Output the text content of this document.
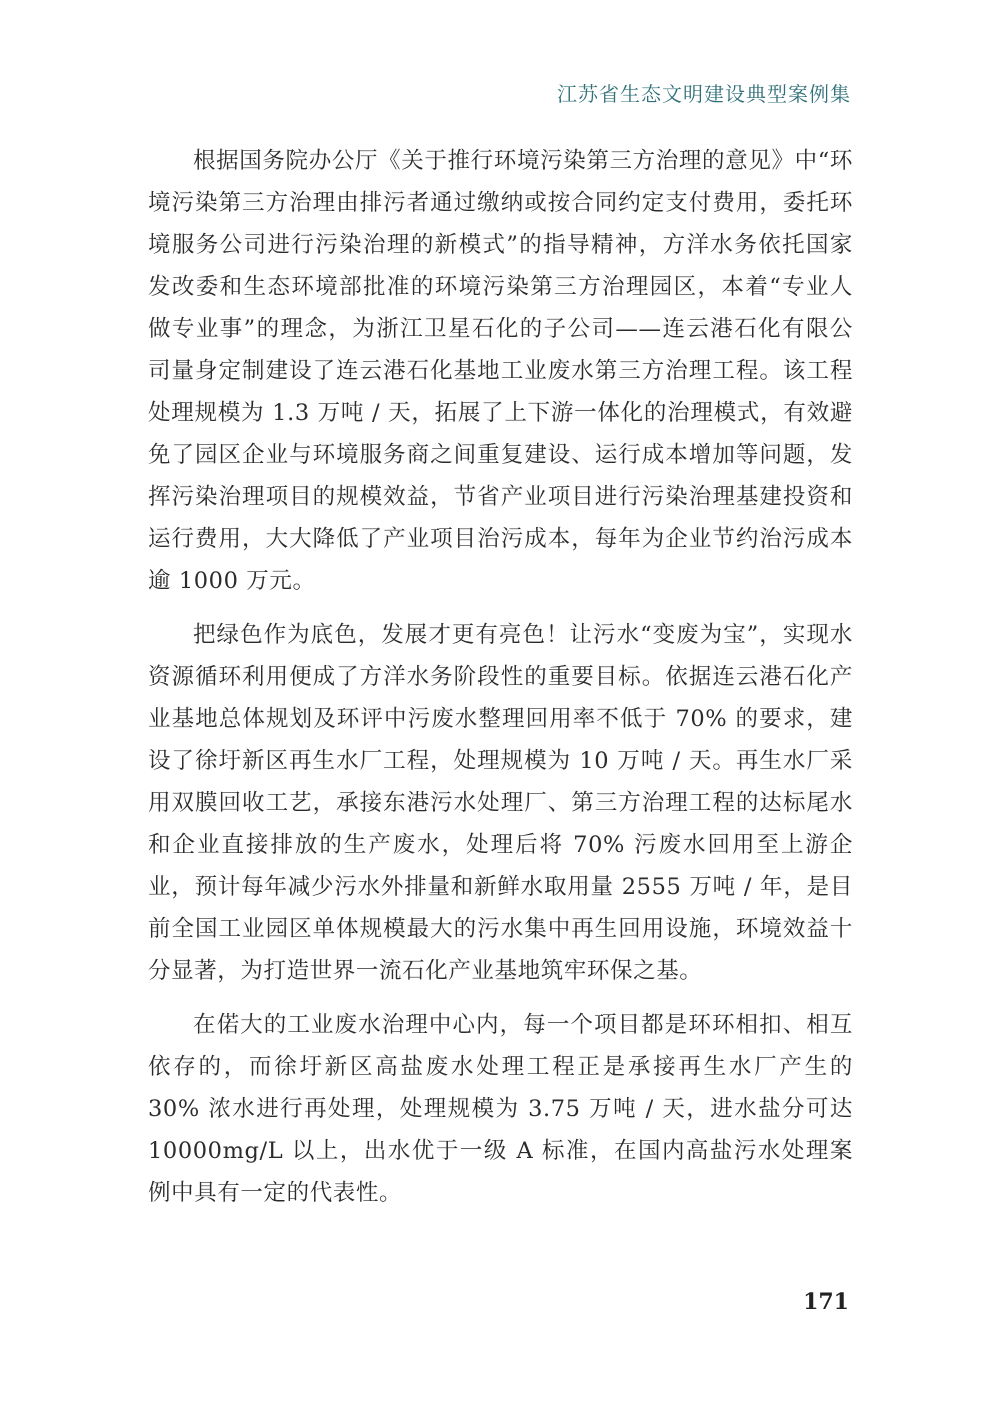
江苏省生态文明建设典型案例集

根据国务院办公厅《关于推行环境污染第三方治理的意见》中“环境污染第三方治理由排污者通过缴纳或按合同约定支付费用，委托环境服务公司进行污染治理的新模式”的指导精神，方洋水务依托国家发改委和生态环境部批准的环境污染第三方治理园区，本着“专业人做专业事”的理念，为浙江卫星石化的子公司——连云港石化有限公司量身定制建设了连云港石化基地工业废水第三方治理工程。该工程处理规模为 1.3 万吨 / 天，拓展了上下游一体化的治理模式，有效避免了园区企业与环境服务商之间重复建设、运行成本增加等问题，发挥污染治理项目的规模效益，节省产业项目进行污染治理基建投资和运行费用，大大降低了产业项目治污成本，每年为企业节约治污成本逾 1000 万元。

把绿色作为底色，发展才更有亮色！让污水“变废为宝”，实现水资源循环利用便成了方洋水务阶段性的重要目标。依据连云港石化产业基地总体规划及环评中污废水整理回用率不低于 70% 的要求，建设了徐圩新区再生水厂工程，处理规模为 10 万吨 / 天。再生水厂采用双膜回收工艺，承接东港污水处理厂、第三方治理工程的达标尾水和企业直接排放的生产废水，处理后将 70% 污废水回用至上游企业，预计每年减少污水外排量和新鲜水取用量 2555 万吨 / 年，是目前全国工业园区单体规模最大的污水集中再生回用设施，环境效益十分显著，为打造世界一流石化产业基地筑牢环保之基。

在偌大的工业废水治理中心内，每一个项目都是环环相扣、相互依存的，而徐圩新区高盐废水处理工程正是承接再生水厂产生的 30% 浓水进行再处理，处理规模为 3.75 万吨 / 天，进水盐分可达 10000mg/L 以上，出水优于一级 A 标准，在国内高盐污水处理案例中具有一定的代表性。

171
